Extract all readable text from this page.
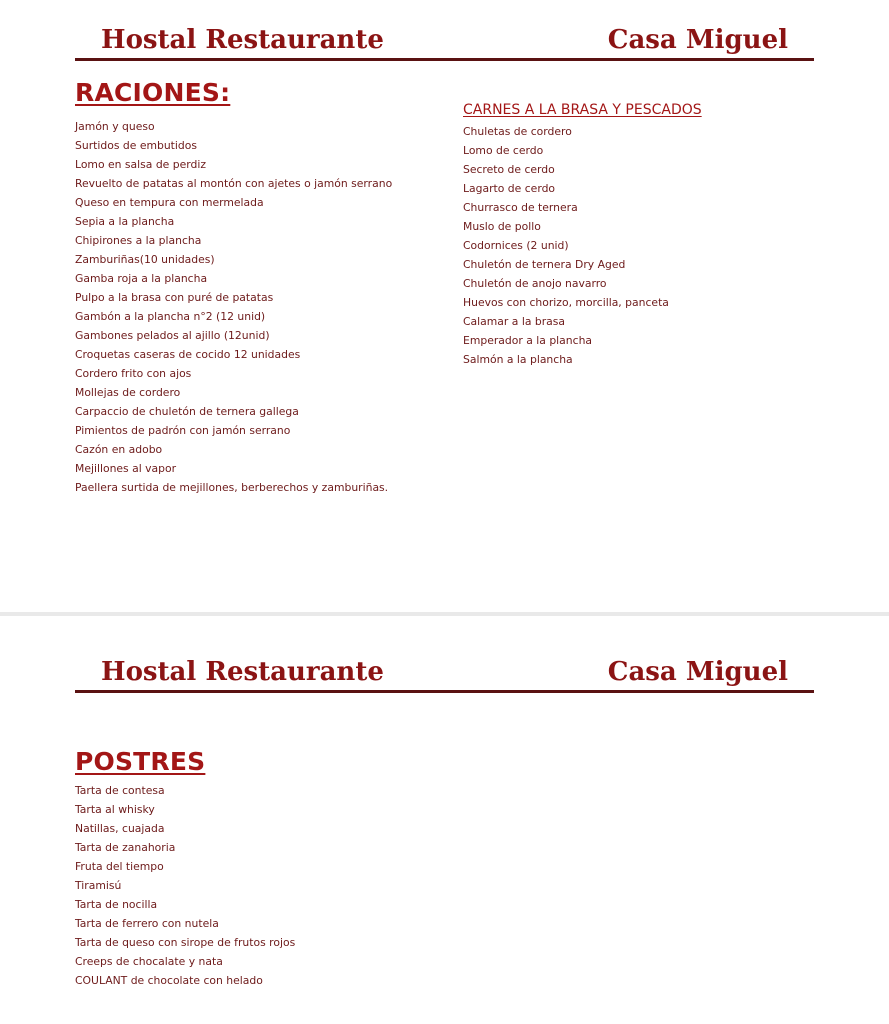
Hostal Restaurante	Casa Miguel
RACIONES:
CARNES A LA BRASA Y PESCADOS
Hostal Restaurante	Casa Miguel
POSTRES
Jamón y queso
Surtidos de embutidos
Lomo en salsa de perdiz
Revuelto de patatas al montón con ajetes o jamón serrano
Queso en tempura con mermelada
Sepia a la plancha
Chipirones a la plancha
Zamburiñas(10 unidades)
Gamba roja a la plancha
Pulpo a la brasa con puré de patatas
Gambón a la plancha n°2 (12 unid)
Gambones pelados al ajillo (12unid)
Croquetas caseras de cocido 12 unidades
Cordero frito con ajos
Mollejas de cordero
Carpaccio de chuletón de ternera gallega
Pimientos de padrón con jamón serrano
Cazón en adobo
Mejillones al vapor
Paellera surtida de mejillones, berberechos y zamburiñas.
Chuletas de cordero
Lomo de cerdo
Secreto de cerdo
Lagarto de cerdo
Churrasco de ternera
Muslo de pollo
Codornices (2 unid)
Chuletón de ternera Dry Aged
Chuletón de anojo navarro
Huevos con chorizo, morcilla, panceta
Calamar a la brasa
Emperador a la plancha
Salmón a la plancha
Tarta de contesa
Tarta al whisky
Natillas, cuajada
Tarta de zanahoria
Fruta del tiempo
Tiramisú
Tarta de nocilla
Tarta de ferrero con nutela
Tarta de queso con sirope de frutos rojos
Creeps de chocalate y nata
COULANT de chocolate con helado
